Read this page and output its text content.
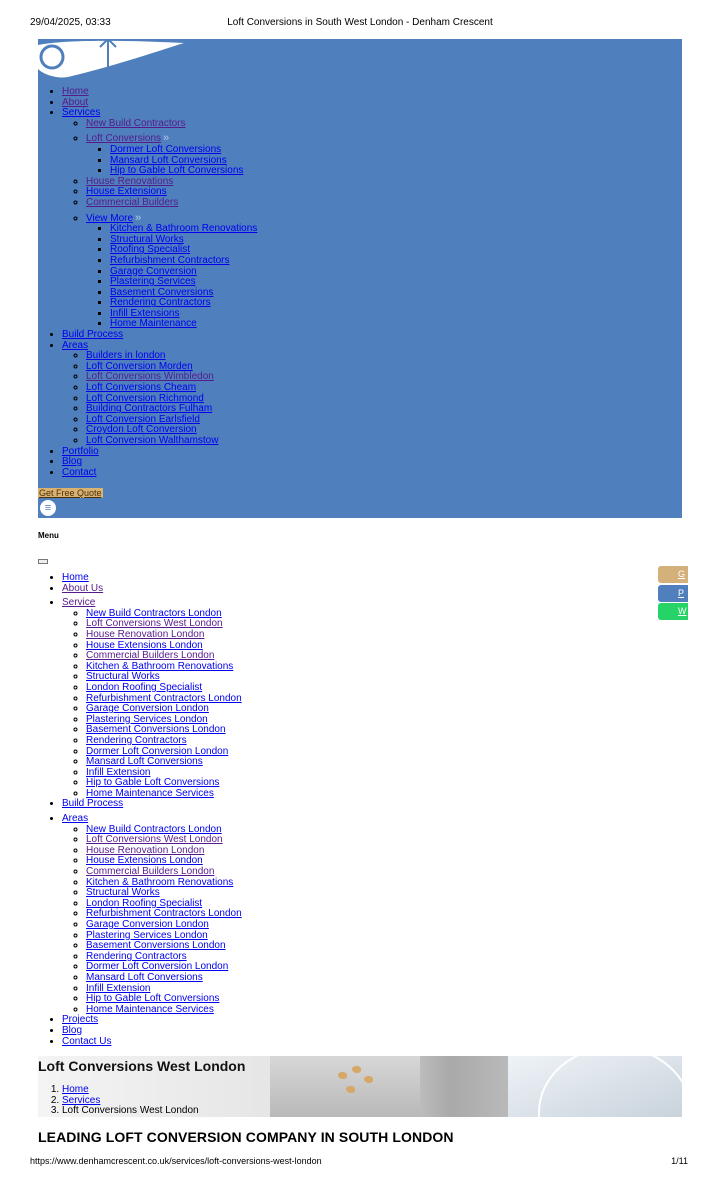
29/04/2025, 03:33	Loft Conversions in South West London - Denham Crescent
• Home
• About
• Services
◦ New Build Contractors
◦ Loft Conversions »
▪ Dormer Loft Conversions
▪ Mansard Loft Conversions
▪ Hip to Gable Loft Conversions
◦ House Renovations
◦ House Extensions
◦ Commercial Builders
◦ View More »
▪ Kitchen & Bathroom Renovations
▪ Structural Works
▪ Roofing Specialist
▪ Refurbishment Contractors
▪ Garage Conversion
▪ Plastering Services
▪ Basement Conversions
▪ Rendering Contractors
▪ Infill Extensions
▪ Home Maintenance
• Build Process
• Areas
◦ Builders in london
◦ Loft Conversion Morden
◦ Loft Conversions Wimbledon
◦ Loft Conversions Cheam
◦ Loft Conversion Richmond
◦ Building Contractors Fulham
◦ Loft Conversion Earlsfield
◦ Croydon Loft Conversion
◦ Loft Conversion Walthamstow
• Portfolio
• Blog
• Contact
Get Free Quote
≡
Menu
• Home
• About Us
• Service
◦ New Build Contractors London
◦ Loft Conversions West London
◦ House Renovation London
◦ House Extensions London
◦ Commercial Builders London
◦ Kitchen & Bathroom Renovations
◦ Structural Works
◦ London Roofing Specialist
◦ Refurbishment Contractors London
◦ Garage Conversion London
◦ Plastering Services London
◦ Basement Conversions London
◦ Rendering Contractors
◦ Dormer Loft Conversion London
◦ Mansard Loft Conversions
◦ Infill Extension
◦ Hip to Gable Loft Conversions
◦ Home Maintenance Services
• Build Process
• Areas
◦ New Build Contractors London
◦ Loft Conversions West London
◦ House Renovation London
◦ House Extensions London
◦ Commercial Builders London
◦ Kitchen & Bathroom Renovations
◦ Structural Works
◦ London Roofing Specialist
◦ Refurbishment Contractors London
◦ Garage Conversion London
◦ Plastering Services London
◦ Basement Conversions London
◦ Rendering Contractors
◦ Dormer Loft Conversion London
◦ Mansard Loft Conversions
◦ Infill Extension
◦ Hip to Gable Loft Conversions
◦ Home Maintenance Services
• Projects
• Blog
• Contact Us
G
P
W
Loft Conversions West London
1. Home
2. Services
3. Loft Conversions West London
LEADING LOFT CONVERSION COMPANY IN SOUTH LONDON
https://www.denhamcrescent.co.uk/services/loft-conversions-west-london	1/11
